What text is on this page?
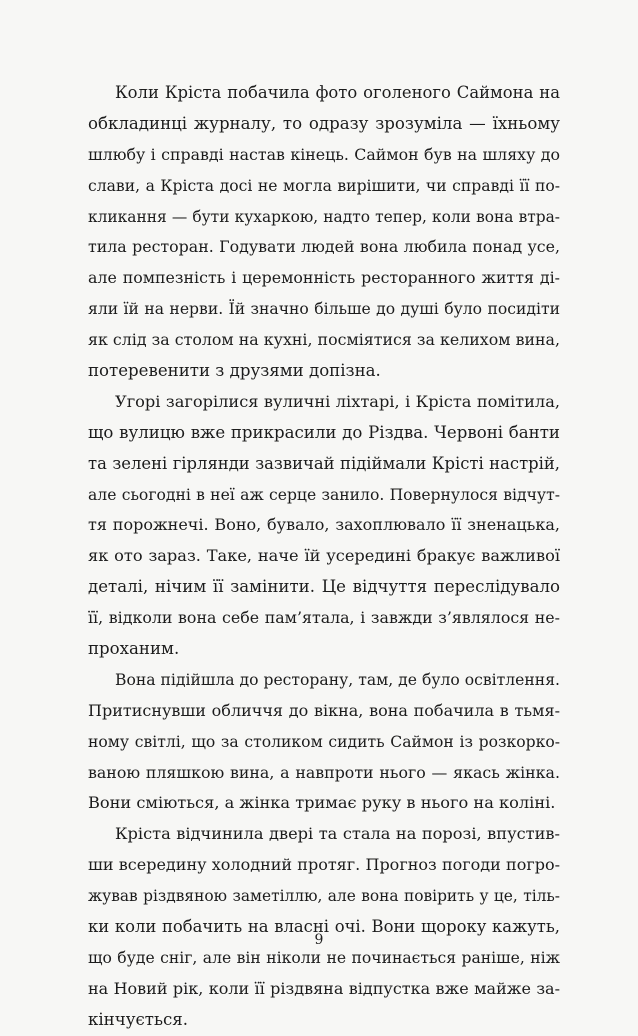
Коли Кріста побачила фото оголеного Саймона на
обкладинці журналу, то одразу зрозуміла — їхньому
шлюбу і справді настав кінець. Саймон був на шляху до
слави, а Кріста досі не могла вирішити, чи справді її по-
кликання — бути кухаркою, надто тепер, коли вона втра-
тила ресторан. Годувати людей вона любила понад усе,
але помпезність і церемонність ресторанного життя ді-
яли їй на нерви. Їй значно більше до душі було посидіти
як слід за столом на кухні, посміятися за келихом вина,
потеревенити з друзями допізна.

Угорі загорілися вуличні ліхтарі, і Кріста помітила,
що вулицю вже прикрасили до Різдва. Червоні банти
та зелені гірлянди зазвичай підіймали Крісті настрій,
але сьогодні в неї аж серце занило. Повернулося відчут-
тя порожнечі. Воно, бувало, захоплювало її зненацька,
як ото зараз. Таке, наче їй усередині бракує важливої
деталі, нічим її замінити. Це відчуття переслідувало
її, відколи вона себе пам’ятала, і завжди з’являлося не-
проханим.

Вона підійшла до ресторану, там, де було освітлення.
Притиснувши обличчя до вікна, вона побачила в тьмя-
ному світлі, що за столиком сидить Саймон із розкорко-
ваною пляшкою вина, а навпроти нього — якась жінка.
Вони сміються, а жінка тримає руку в нього на коліні.

Кріста відчинила двері та стала на порозі, впустив-
ши всередину холодний протяг. Прогноз погоди погро-
жував різдвяною заметіллю, але вона повірить у це, тіль-
ки коли побачить на власні очі. Вони щороку кажуть,
що буде сніг, але він ніколи не починається раніше, ніж
на Новий рік, коли її різдвяна відпустка вже майже за-
кінчується.

9
